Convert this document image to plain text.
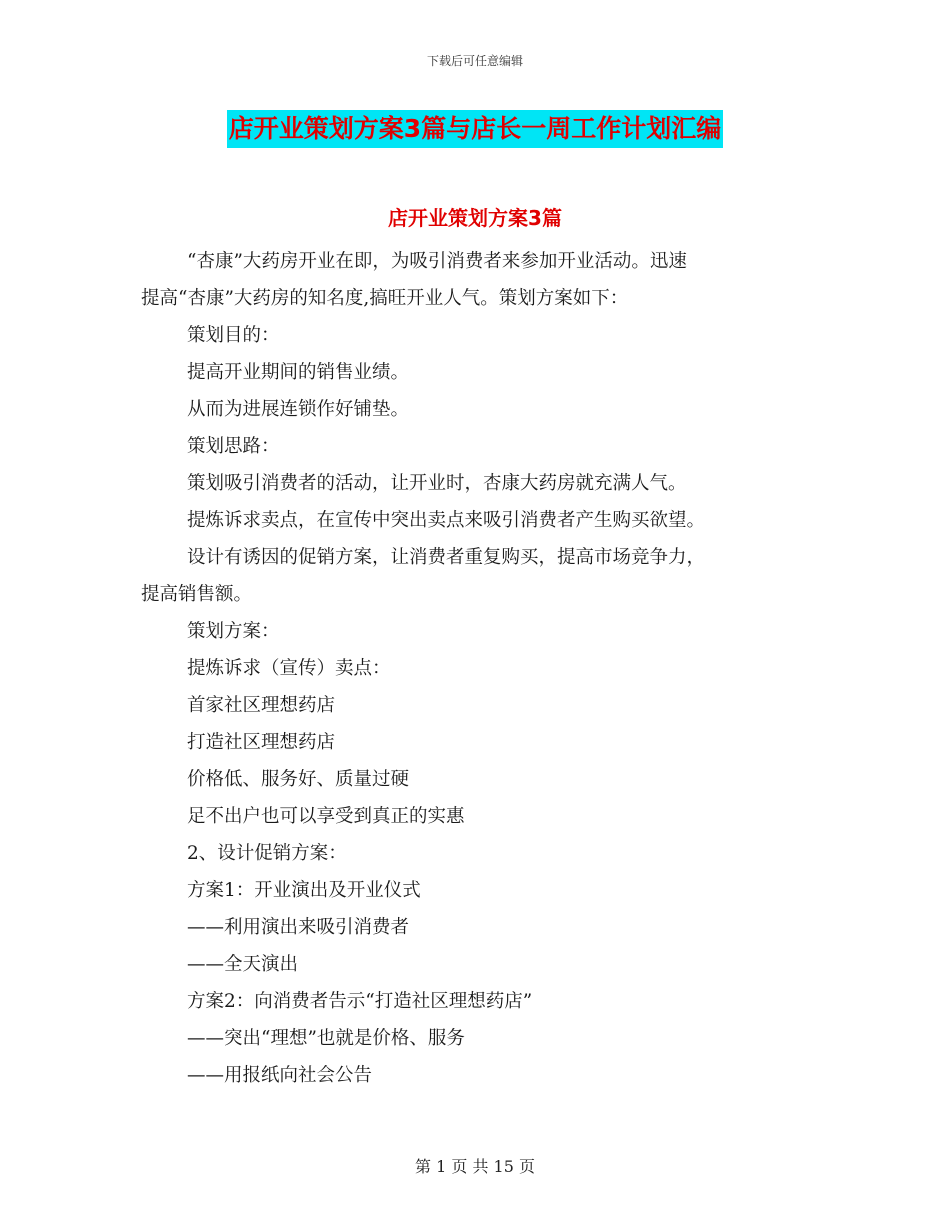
下载后可任意编辑
店开业策划方案3篇与店长一周工作计划汇编
店开业策划方案3篇

“杏康”大药房开业在即，为吸引消费者来参加开业活动。迅速

提高“杏康”大药房的知名度,搞旺开业人气。策划方案如下：

策划目的：

提高开业期间的销售业绩。

从而为进展连锁作好铺垫。

策划思路：

策划吸引消费者的活动，让开业时，杏康大药房就充满人气。

提炼诉求卖点，在宣传中突出卖点来吸引消费者产生购买欲望。

设计有诱因的促销方案，让消费者重复购买，提高市场竞争力，

提高销售额。

策划方案：

提炼诉求（宣传）卖点：

首家社区理想药店

打造社区理想药店

价格低、服务好、质量过硬

足不出户也可以享受到真正的实惠

2、设计促销方案：

方案1：开业演出及开业仪式

——利用演出来吸引消费者

——全天演出

方案2：向消费者告示“打造社区理想药店”

——突出“理想”也就是价格、服务

——用报纸向社会公告

第 1 页 共 15 页
